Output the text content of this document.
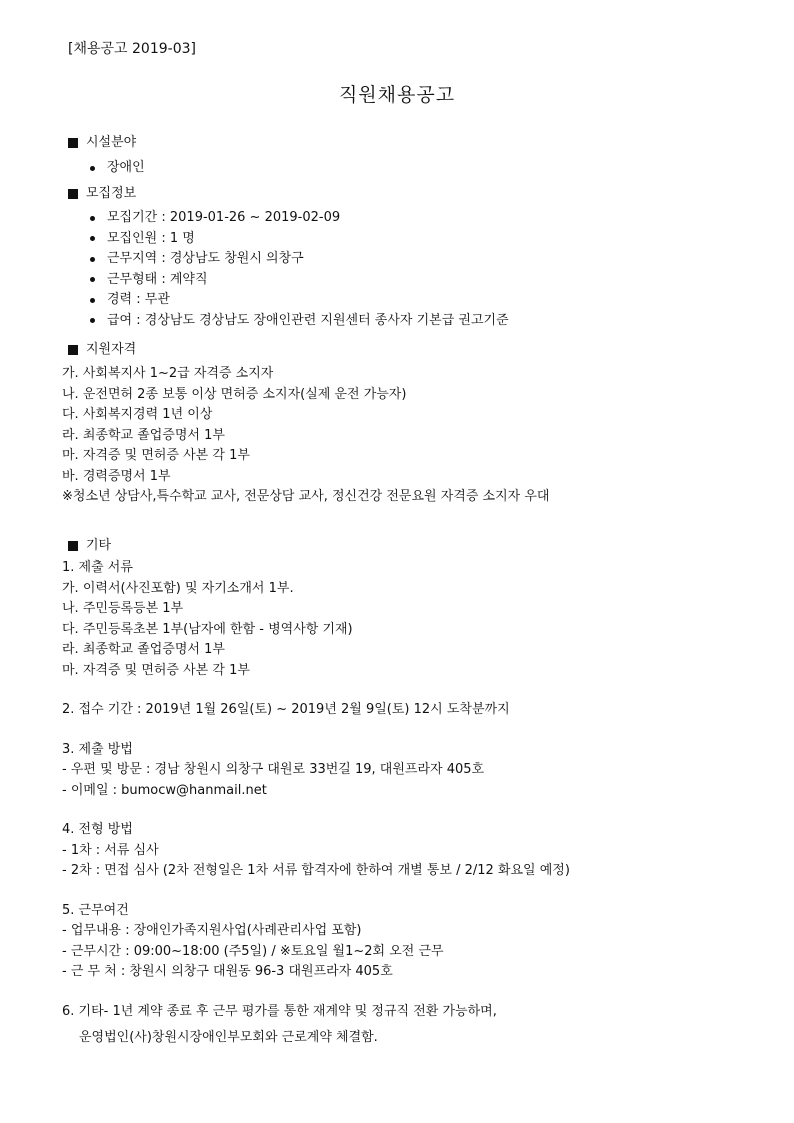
[채용공고 2019-03]
직원채용공고
시설분야
장애인
모집정보
모집기간 : 2019-01-26 ~ 2019-02-09
모집인원 : 1 명
근무지역 : 경상남도 창원시 의창구
근무형태 : 계약직
경력 : 무관
급여 : 경상남도 경상남도 장애인관련 지원센터 종사자 기본급 권고기준
지원자격
가. 사회복지사 1~2급 자격증 소지자
나. 운전면허 2종 보통 이상 면허증 소지자(실제 운전 가능자)
다. 사회복지경력 1년 이상
라. 최종학교 졸업증명서 1부
마. 자격증 및 면허증 사본 각 1부
바. 경력증명서 1부
※청소년 상담사,특수학교 교사, 전문상담 교사, 정신건강 전문요원 자격증 소지자 우대
기타
1. 제출 서류
가. 이력서(사진포함) 및 자기소개서 1부.
나. 주민등록등본 1부
다. 주민등록초본 1부(남자에 한함 - 병역사항 기재)
라. 최종학교 졸업증명서 1부
마. 자격증 및 면허증 사본 각 1부
2. 접수 기간 : 2019년 1월 26일(토) ~ 2019년 2월 9일(토) 12시 도착분까지
3. 제출 방법
- 우편 및 방문 : 경남 창원시 의창구 대원로 33번길 19, 대원프라자 405호
- 이메일 : bumocw@hanmail.net
4. 전형 방법
- 1차 : 서류 심사
- 2차 : 면접 심사 (2차 전형일은 1차 서류 합격자에 한하여 개별 통보 / 2/12 화요일 예정)
5. 근무여건
- 업무내용 : 장애인가족지원사업(사례관리사업 포함)
- 근무시간 : 09:00~18:00 (주5일) / ※토요일 월1~2회 오전 근무
- 근 무 처 : 창원시 의창구 대원동 96-3 대원프라자 405호
6. 기타- 1년 계약 종료 후 근무 평가를 통한 재계약 및 정규직 전환 가능하며,
운영법인(사)창원시장애인부모회와 근로계약 체결함.
